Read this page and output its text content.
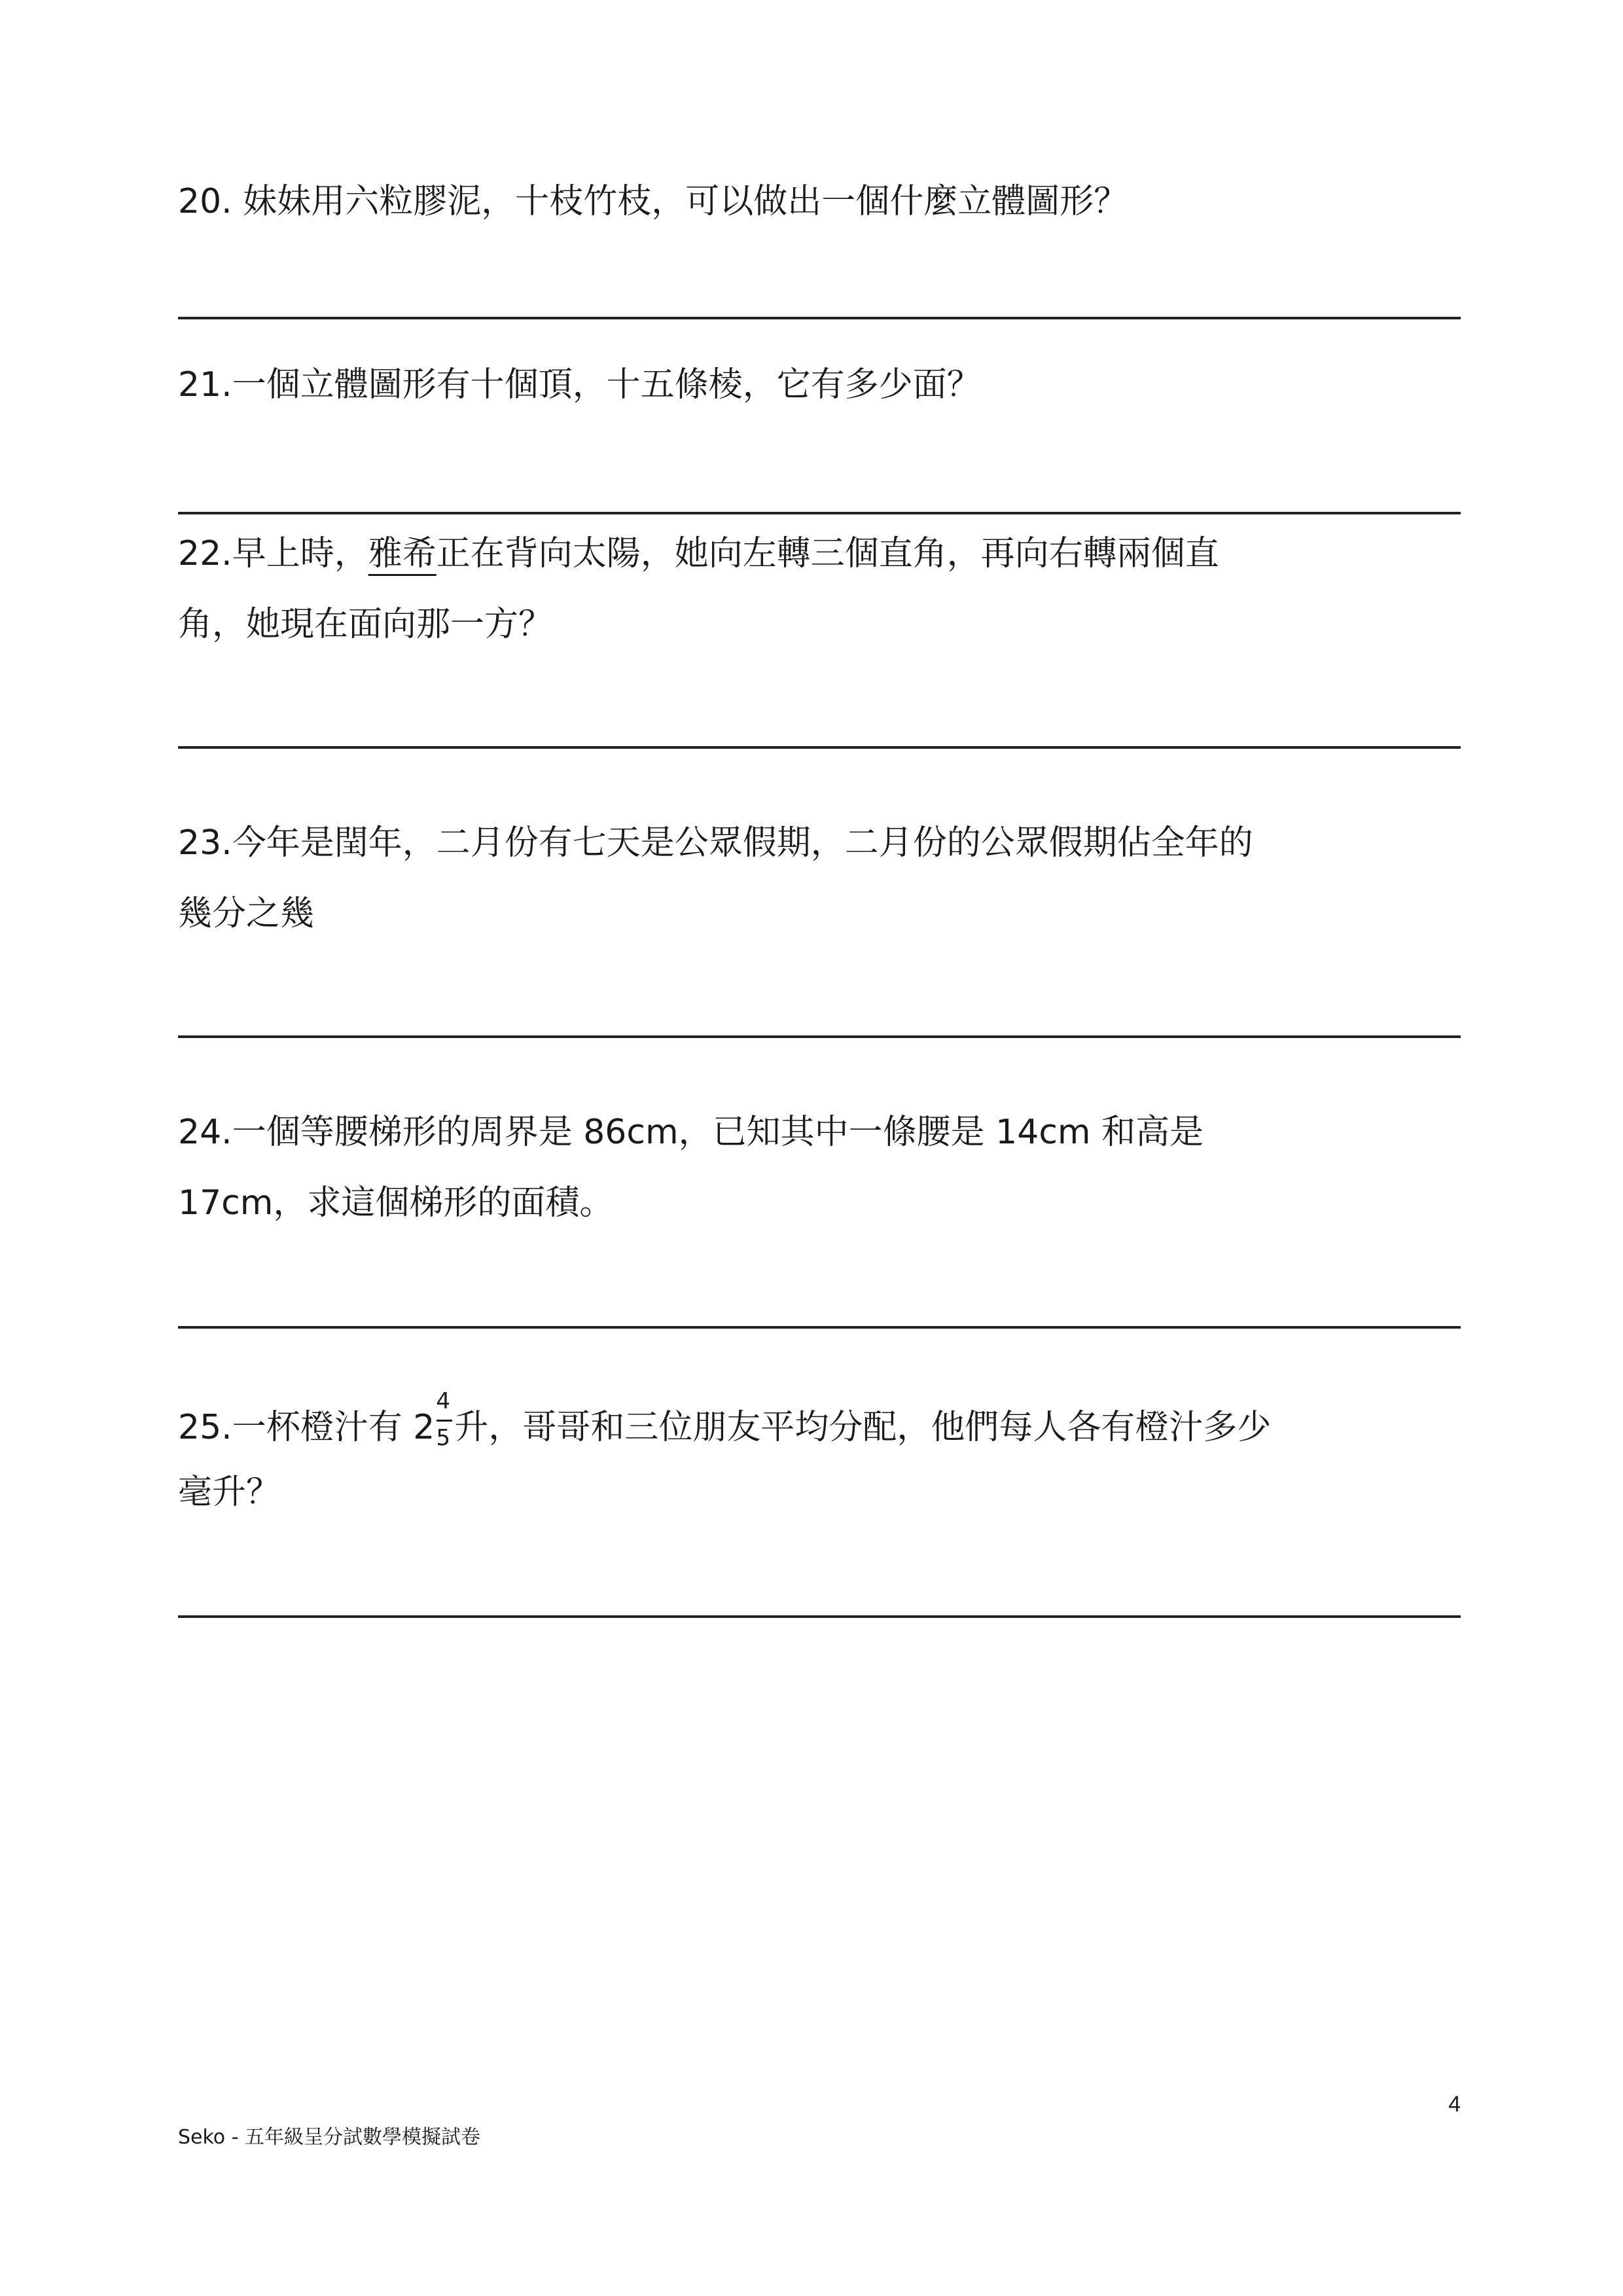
20. 妹妹用六粒膠泥，十枝竹枝，可以做出一個什麼立體圖形？
21.一個立體圖形有十個頂，十五條棱，它有多少面？
22.早上時，雅希正在背向太陽，她向左轉三個直角，再向右轉兩個直
角，她現在面向那一方？
23.今年是閏年，二月份有七天是公眾假期，二月份的公眾假期佔全年的
幾分之幾
24.一個等腰梯形的周界是 86cm，已知其中一條腰是 14cm 和高是
17cm，求這個梯形的面積。
25.一杯橙汁有 $2 \frac{4}{5}$ 升，哥哥和三位朋友平均分配，他們每人各有橙汁多少
毫升？
4
Seko - 五年級呈分試數學模擬試卷
